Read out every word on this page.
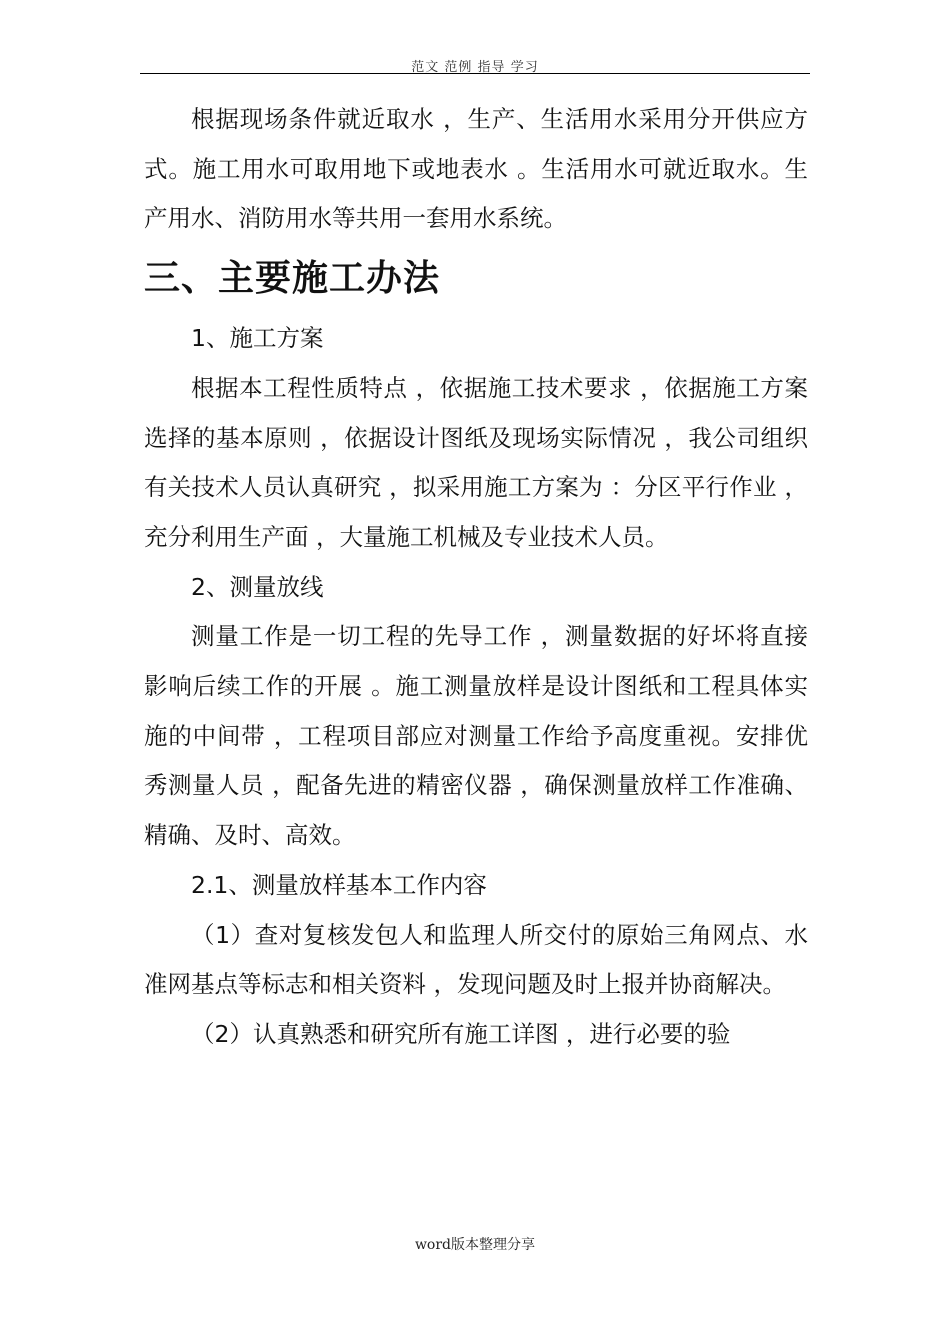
范文 范例 指导 学习

根据现场条件就近取水 ，生产、生活用水采用分开供应方式。施工用水可取用地下或地表水 。生活用水可就近取水。生产用水、消防用水等共用一套用水系统。

三、主要施工办法

1、施工方案

根据本工程性质特点 ，依据施工技术要求 ，依据施工方案选择的基本原则 ，依据设计图纸及现场实际情况 ，我公司组织有关技术人员认真研究 ，拟采用施工方案为 ：分区平行作业 ，充分利用生产面 ，大量施工机械及专业技术人员。

2、测量放线

测量工作是一切工程的先导工作 ，测量数据的好坏将直接影响后续工作的开展 。施工测量放样是设计图纸和工程具体实施的中间带 ，工程项目部应对测量工作给予高度重视。安排优秀测量人员 ，配备先进的精密仪器 ，确保测量放样工作准确、精确、及时、高效。

2.1、测量放样基本工作内容

（1）查对复核发包人和监理人所交付的原始三角网点、水准网基点等标志和相关资料 ，发现问题及时上报并协商解决。

（2）认真熟悉和研究所有施工详图 ，进行必要的验

word版本整理分享
